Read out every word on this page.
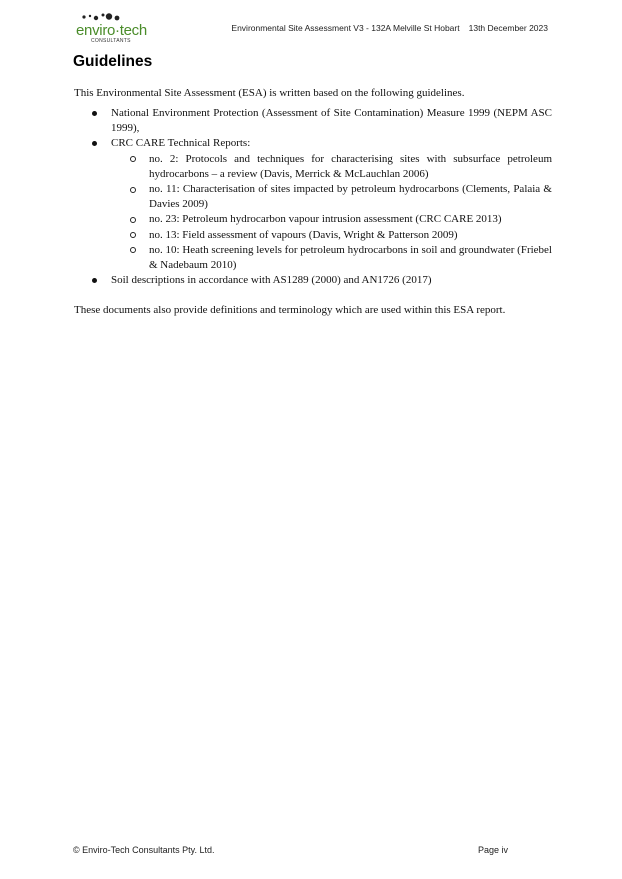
enviro·tech
CONSULTANTS
Environmental Site Assessment V3 - 132A Melville St Hobart 13th December 2023
Guidelines
This Environmental Site Assessment (ESA) is written based on the following guidelines.
National Environment Protection (Assessment of Site Contamination) Measure 1999 (NEPM ASC 1999),
CRC CARE Technical Reports:
no. 2: Protocols and techniques for characterising sites with subsurface petroleum hydrocarbons – a review (Davis, Merrick & McLauchlan 2006)
no. 11: Characterisation of sites impacted by petroleum hydrocarbons (Clements, Palaia & Davies 2009)
no. 23: Petroleum hydrocarbon vapour intrusion assessment (CRC CARE 2013)
no. 13: Field assessment of vapours (Davis, Wright & Patterson 2009)
no. 10: Heath screening levels for petroleum hydrocarbons in soil and groundwater (Friebel & Nadebaum 2010)
Soil descriptions in accordance with AS1289 (2000) and AN1726 (2017)
These documents also provide definitions and terminology which are used within this ESA report.
© Enviro-Tech Consultants Pty. Ltd.	Page iv
